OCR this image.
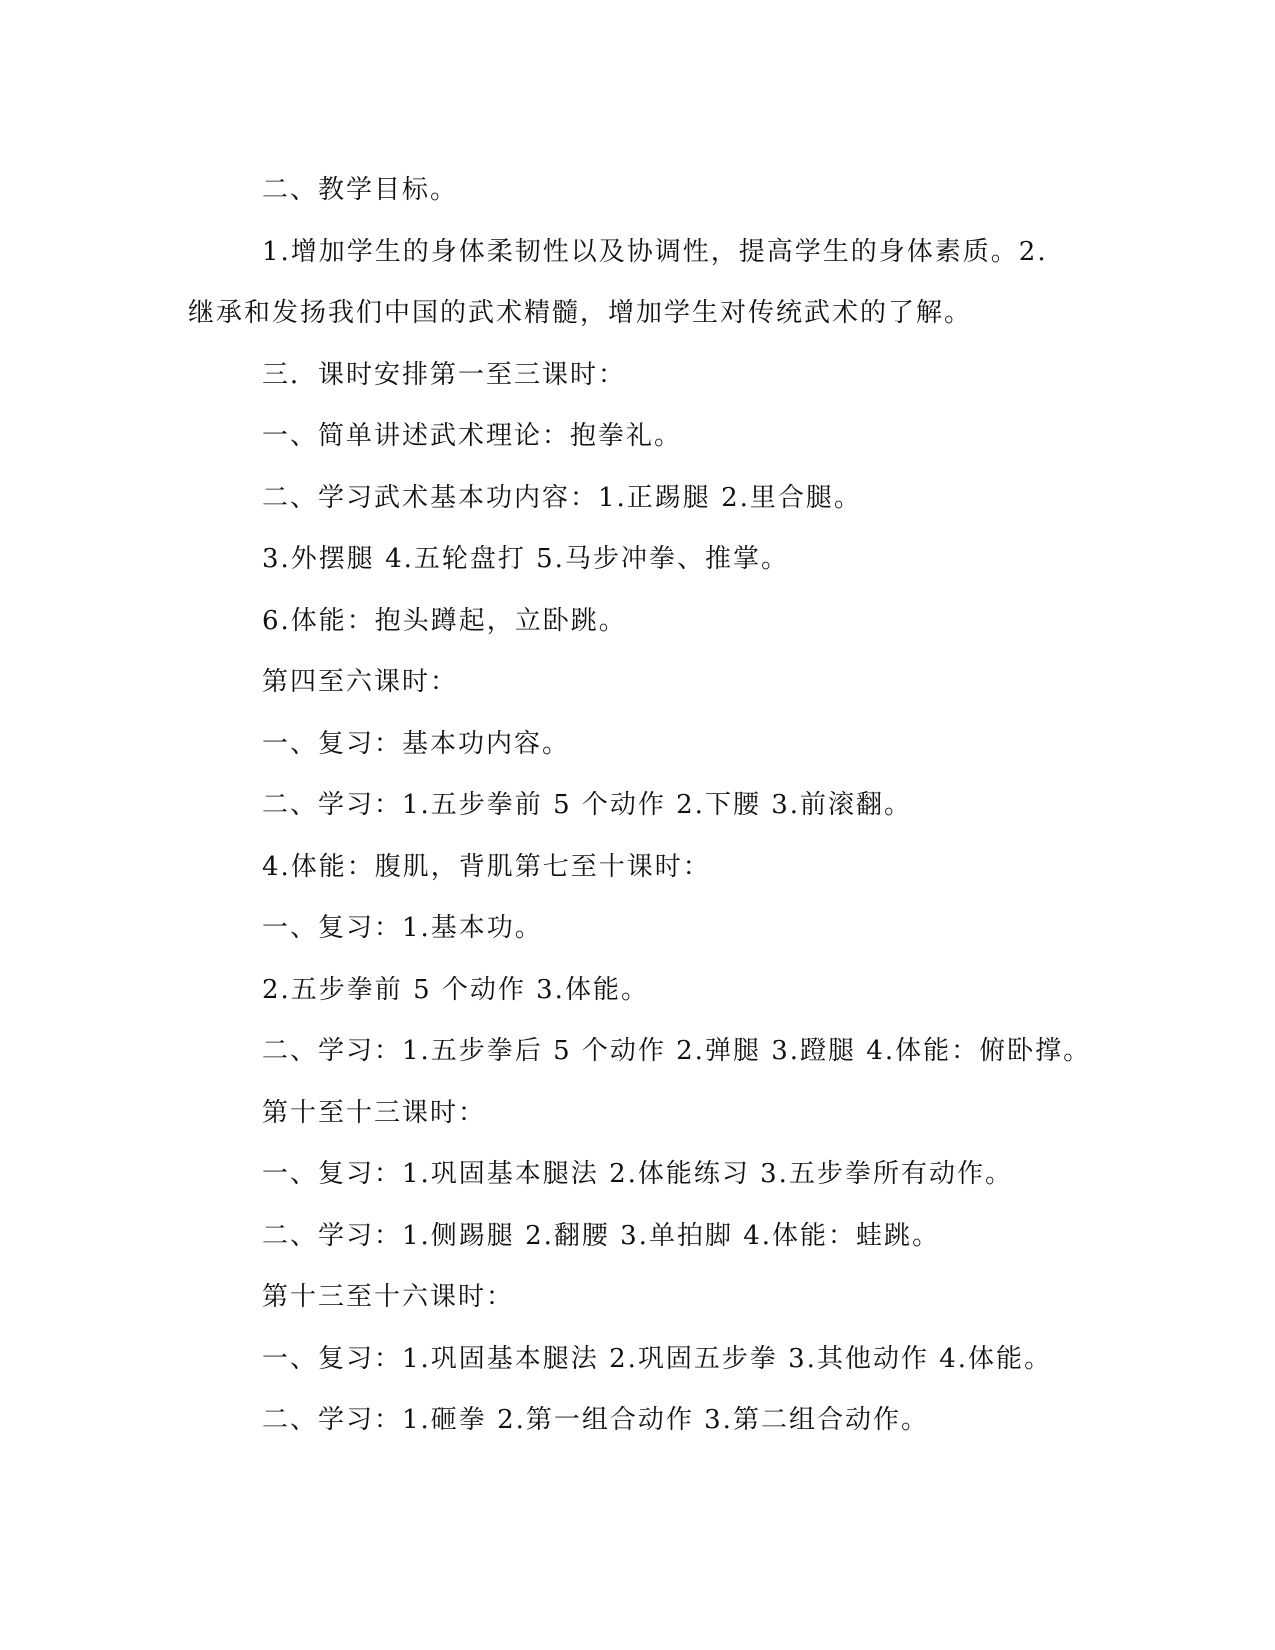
二、教学目标。

1.增加学生的身体柔韧性以及协调性，提高学生的身体素质。2.继承和发扬我们中国的武术精髓，增加学生对传统武术的了解。

三．课时安排第一至三课时：

一、简单讲述武术理论：抱拳礼。

二、学习武术基本功内容：1.正踢腿 2.里合腿。

3.外摆腿 4.五轮盘打 5.马步冲拳、推掌。

6.体能：抱头蹲起，立卧跳。

第四至六课时：

一、复习：基本功内容。

二、学习：1.五步拳前 5 个动作 2.下腰 3.前滚翻。

4.体能：腹肌，背肌第七至十课时：

一、复习：1.基本功。

2.五步拳前 5 个动作 3.体能。

二、学习：1.五步拳后 5 个动作 2.弹腿 3.蹬腿 4.体能：俯卧撑。

第十至十三课时：

一、复习：1.巩固基本腿法 2.体能练习 3.五步拳所有动作。

二、学习：1.侧踢腿 2.翻腰 3.单拍脚 4.体能：蛙跳。

第十三至十六课时：

一、复习：1.巩固基本腿法 2.巩固五步拳 3.其他动作 4.体能。

二、学习：1.砸拳 2.第一组合动作 3.第二组合动作。
